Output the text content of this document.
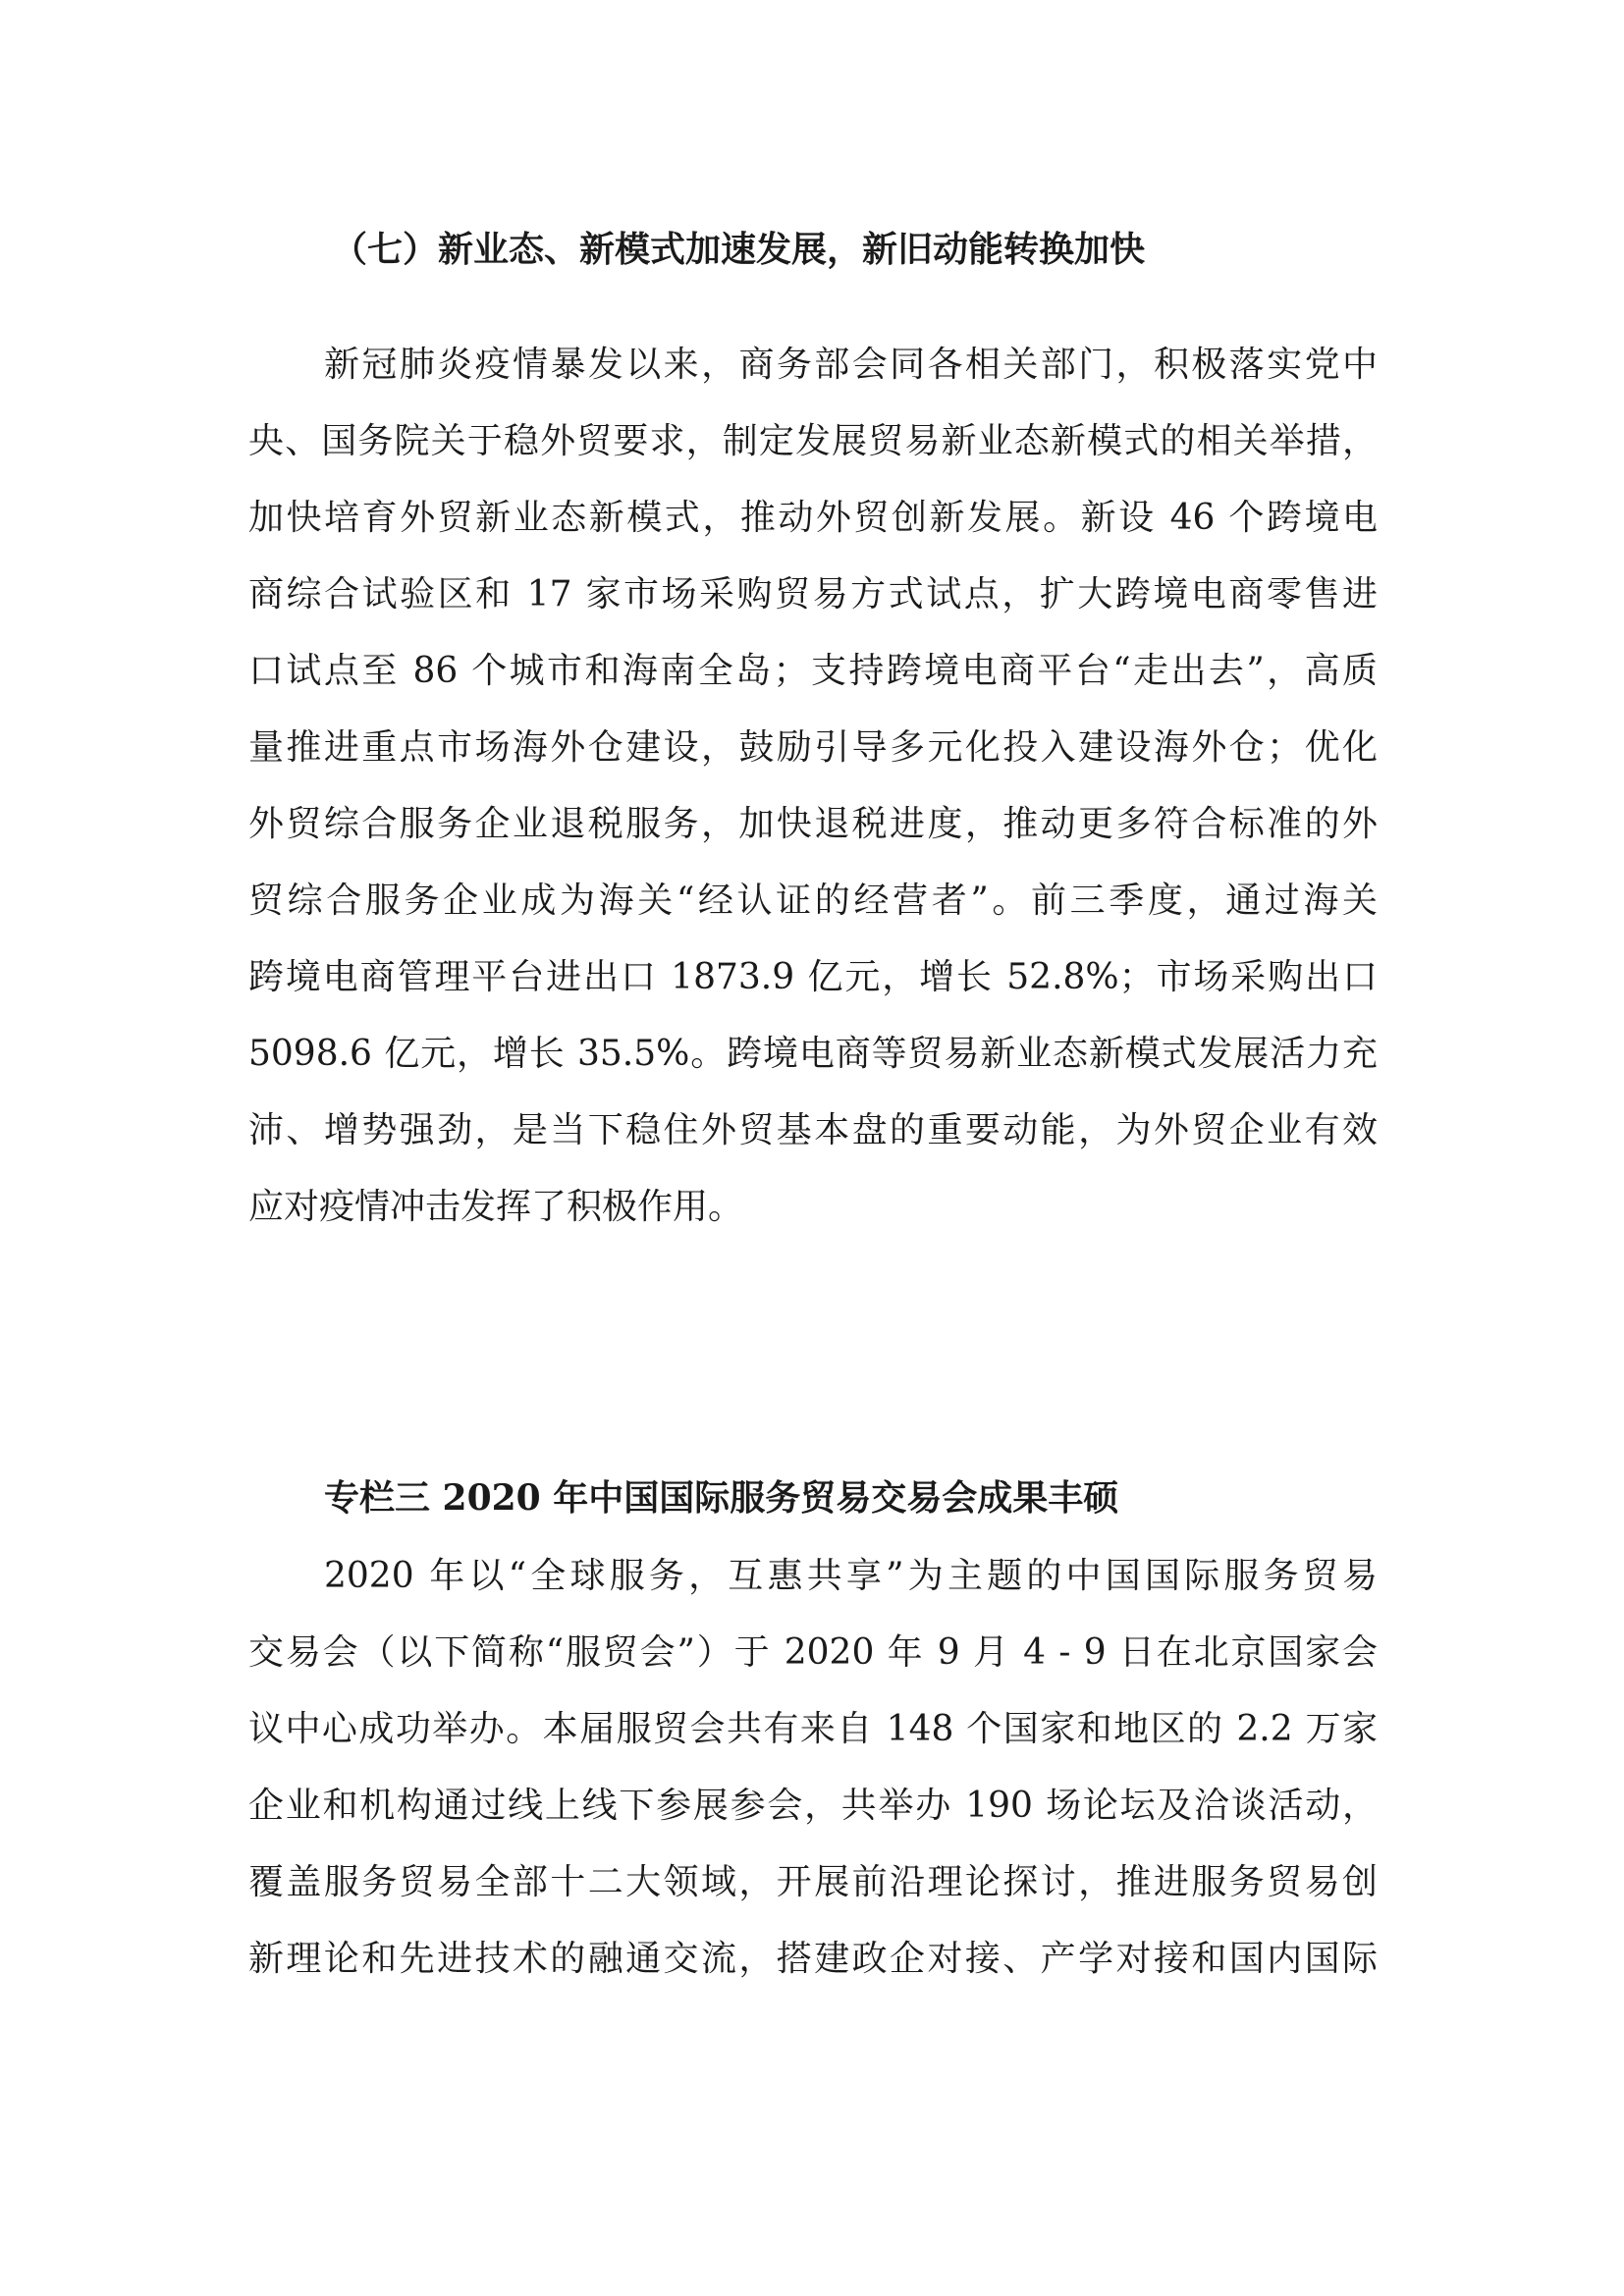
（七）新业态、新模式加速发展，新旧动能转换加快
新冠肺炎疫情暴发以来，商务部会同各相关部门，积极落实党中
央、国务院关于稳外贸要求，制定发展贸易新业态新模式的相关举措，
加快培育外贸新业态新模式，推动外贸创新发展。新设 46 个跨境电
商综合试验区和 17 家市场采购贸易方式试点，扩大跨境电商零售进
口试点至 86 个城市和海南全岛；支持跨境电商平台“走出去”，高质
量推进重点市场海外仓建设，鼓励引导多元化投入建设海外仓；优化
外贸综合服务企业退税服务，加快退税进度，推动更多符合标准的外
贸综合服务企业成为海关“经认证的经营者”。前三季度，通过海关
跨境电商管理平台进出口 1873.9 亿元，增长 52.8%；市场采购出口
5098.6 亿元，增长 35.5%。跨境电商等贸易新业态新模式发展活力充
沛、增势强劲，是当下稳住外贸基本盘的重要动能，为外贸企业有效
应对疫情冲击发挥了积极作用。
专栏三 2020 年中国国际服务贸易交易会成果丰硕
2020 年以“全球服务，互惠共享”为主题的中国国际服务贸易
交易会（以下简称“服贸会”）于 2020 年 9 月 4 - 9 日在北京国家会
议中心成功举办。本届服贸会共有来自 148 个国家和地区的 2.2 万家
企业和机构通过线上线下参展参会，共举办 190 场论坛及洽谈活动，
覆盖服务贸易全部十二大领域，开展前沿理论探讨，推进服务贸易创
新理论和先进技术的融通交流，搭建政企对接、产学对接和国内国际
